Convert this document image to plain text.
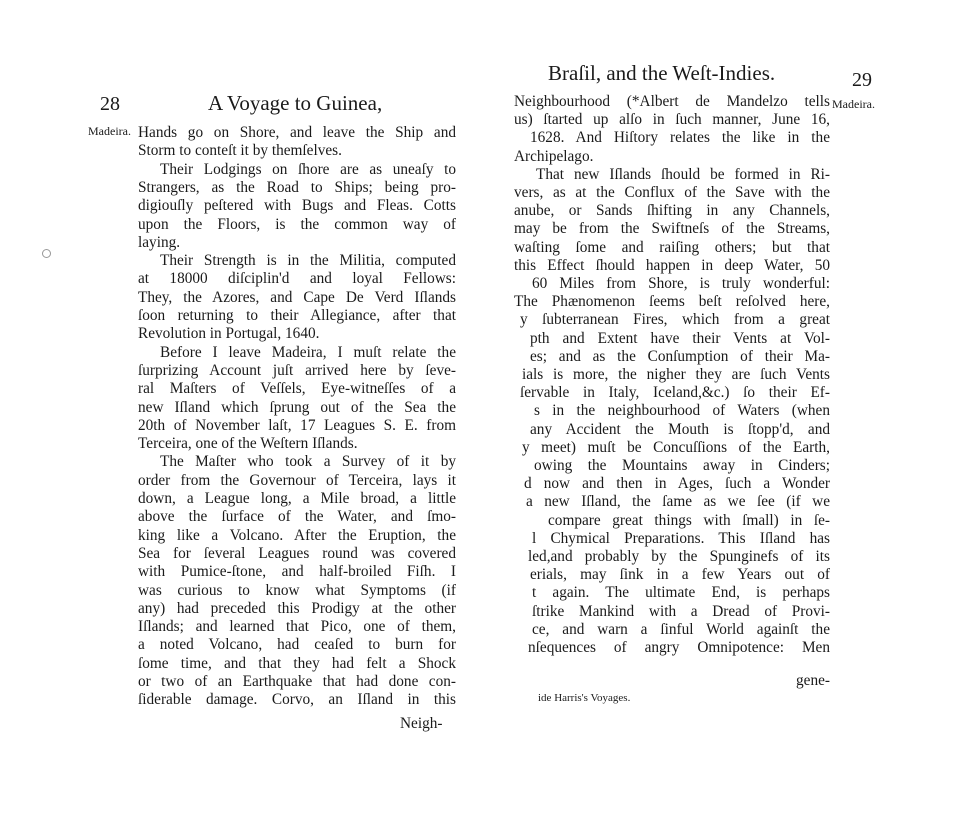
28	A Voyage to Guinea,
Madeira. Hands go on Shore, and leave the Ship and
Storm to conteſt it by themſelves.
Their Lodgings on ſhore are as uneaſy to
Strangers, as the Road to Ships; being pro-
digiouſly peſtered with Bugs and Fleas. Cotts
upon the Floors, is the common way of
laying.
Their Strength is in the Militia, computed
at 18000 diſciplin'd and loyal Fellows:
They, the Azores, and Cape De Verd Iſlands
ſoon returning to their Allegiance, after that
Revolution in Portugal, 1640.
Before I leave Madeira, I muſt relate the
ſurprizing Account juſt arrived here by ſeve-
ral Maſters of Veſſels, Eye-witneſſes of a
new Iſland which ſprung out of the Sea the
20th of November laſt, 17 Leagues S. E. from
Terceira, one of the Weſtern Iſlands.
The Maſter who took a Survey of it by
order from the Governour of Terceira, lays it
down, a League long, a Mile broad, a little
above the ſurface of the Water, and ſmo-
king like a Volcano. After the Eruption, the
Sea for ſeveral Leagues round was covered
with Pumice-ſtone, and half-broiled Fiſh. I
was curious to know what Symptoms (if
any) had preceded this Prodigy at the other
Iſlands; and learned that Pico, one of them,
a noted Volcano, had ceaſed to burn for
ſome time, and that they had felt a Shock
or two of an Earthquake that had done con-
ſiderable damage. Corvo, an Iſland in this
Neigh-
Braſil, and the Weſt-Indies.	29
Madeira.
Neighbourhood (*Albert de Mandelzo tells
us) ſtarted up alſo in ſuch manner, June 16,
1628. And Hiſtory relates the like in the
Archipelago.
That new Iſlands ſhould be formed in Ri-
vers, as at the Conflux of the Save with the
anube, or Sands ſhifting in any Channels,
may be from the Swiftneſs of the Streams,
waſting ſome and raiſing others; but that
this Effect ſhould happen in deep Water, 50
60 Miles from Shore, is truly wonderful:
The Phænomenon ſeems beſt reſolved here,
y ſubterranean Fires, which from a great
pth and Extent have their Vents at Vol-
es; and as the Conſumption of their Ma-
ials is more, the nigher they are ſuch Vents
ſervable in Italy, Iceland,&c.) ſo their Ef-
s in the neighbourhood of Waters (when
any Accident the Mouth is ſtopp'd, and
y meet) muſt be Concuſſions of the Earth,
owing the Mountains away in Cinders;
d now and then in Ages, ſuch a Wonder
a new Iſland, the ſame as we ſee (if we
compare great things with ſmall) in ſe-
l Chymical Preparations. This Iſland has
led,and probably by the Spunginefs of its
erials, may ſink in a few Years out of
t again. The ultimate End, is perhaps
ſtrike Mankind with a Dread of Provi-
ce, and warn a ſinful World againſt the
nſequences of angry Omnipotence: Men
gene-
ide Harris's Voyages.
